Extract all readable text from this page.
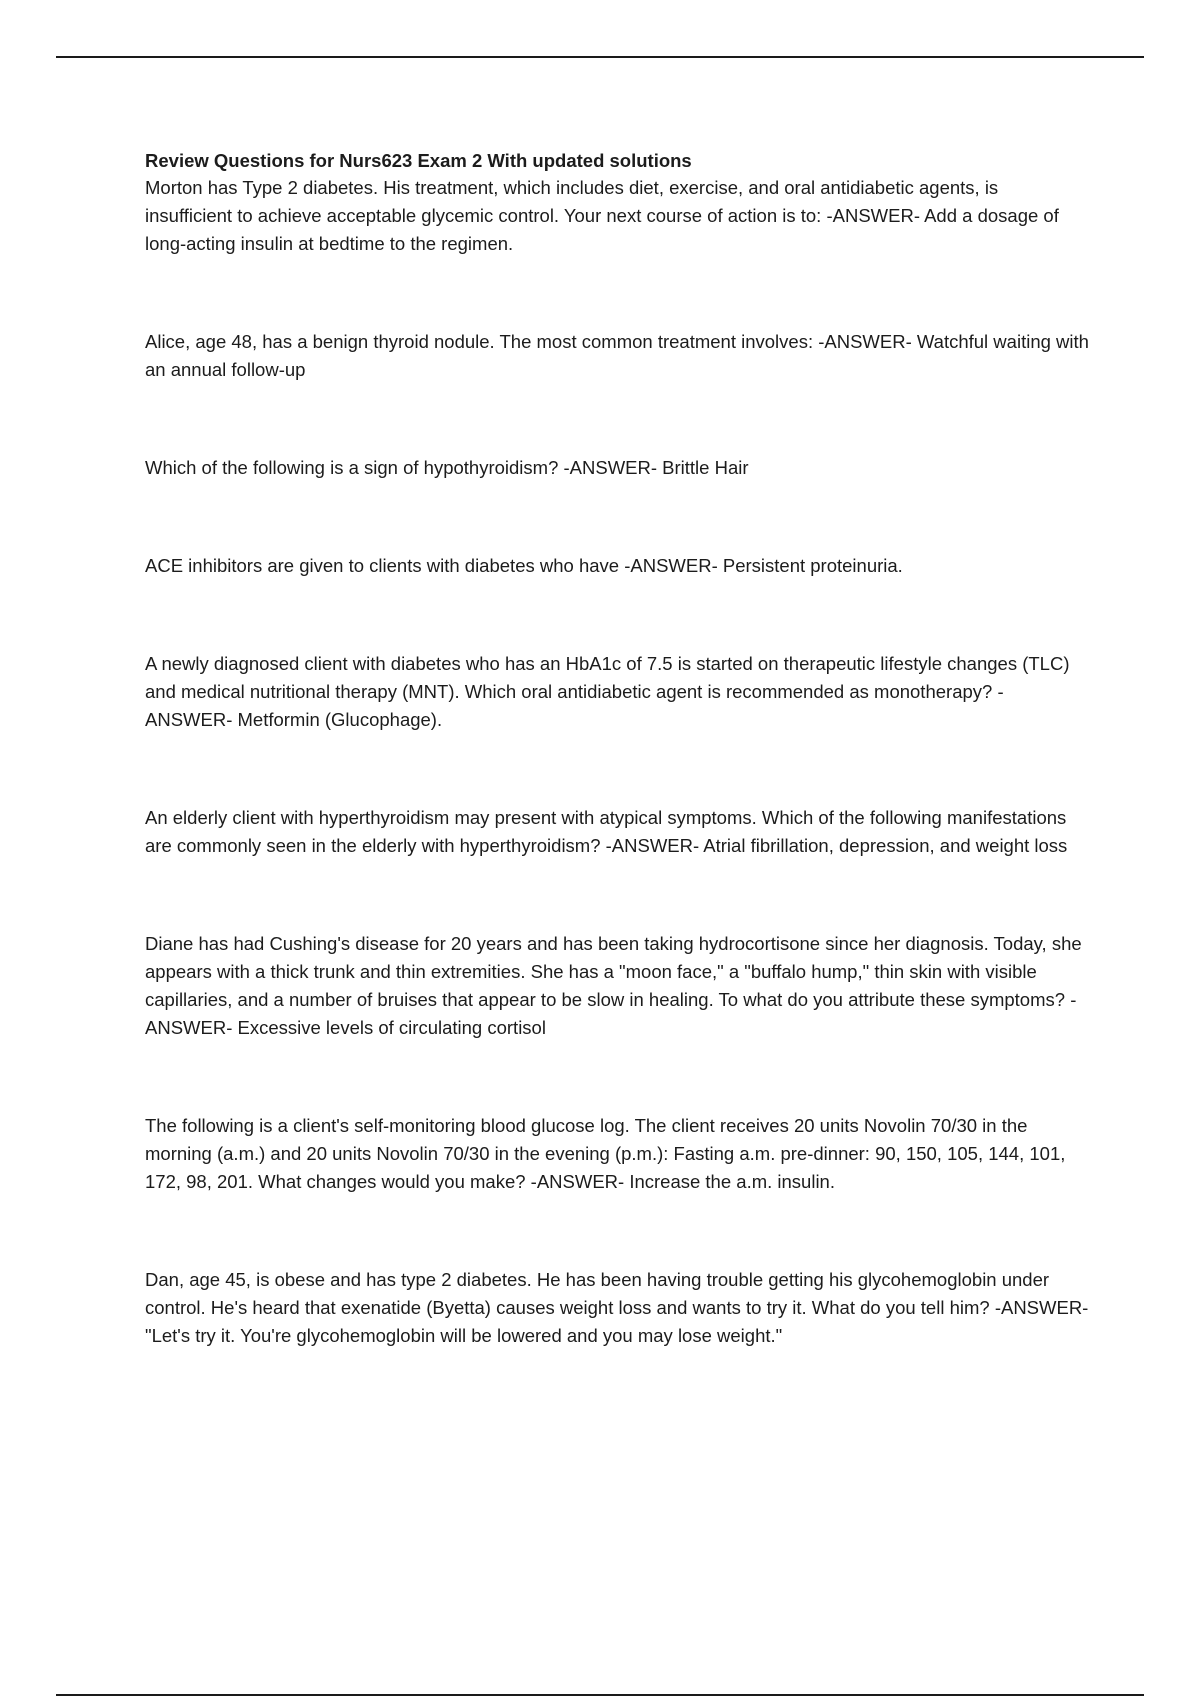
Review Questions for Nurs623 Exam 2 With updated solutions

Morton has Type 2 diabetes. His treatment, which includes diet, exercise, and oral antidiabetic agents, is insufficient to achieve acceptable glycemic control. Your next course of action is to: -ANSWER- Add a dosage of long-acting insulin at bedtime to the regimen.

Alice, age 48, has a benign thyroid nodule. The most common treatment involves: -ANSWER- Watchful waiting with an annual follow-up

Which of the following is a sign of hypothyroidism? -ANSWER- Brittle Hair

ACE inhibitors are given to clients with diabetes who have -ANSWER- Persistent proteinuria.

A newly diagnosed client with diabetes who has an HbA1c of 7.5 is started on therapeutic lifestyle changes (TLC) and medical nutritional therapy (MNT). Which oral antidiabetic agent is recommended as monotherapy? -ANSWER- Metformin (Glucophage).

An elderly client with hyperthyroidism may present with atypical symptoms. Which of the following manifestations are commonly seen in the elderly with hyperthyroidism? -ANSWER- Atrial fibrillation, depression, and weight loss

Diane has had Cushing's disease for 20 years and has been taking hydrocortisone since her diagnosis. Today, she appears with a thick trunk and thin extremities. She has a "moon face," a "buffalo hump," thin skin with visible capillaries, and a number of bruises that appear to be slow in healing. To what do you attribute these symptoms? -ANSWER- Excessive levels of circulating cortisol

The following is a client's self-monitoring blood glucose log. The client receives 20 units Novolin 70/30 in the morning (a.m.) and 20 units Novolin 70/30 in the evening (p.m.): Fasting a.m. pre-dinner: 90, 150, 105, 144, 101, 172, 98, 201. What changes would you make? -ANSWER- Increase the a.m. insulin.

Dan, age 45, is obese and has type 2 diabetes. He has been having trouble getting his glycohemoglobin under control. He's heard that exenatide (Byetta) causes weight loss and wants to try it. What do you tell him? -ANSWER- "Let's try it. You're glycohemoglobin will be lowered and you may lose weight."
